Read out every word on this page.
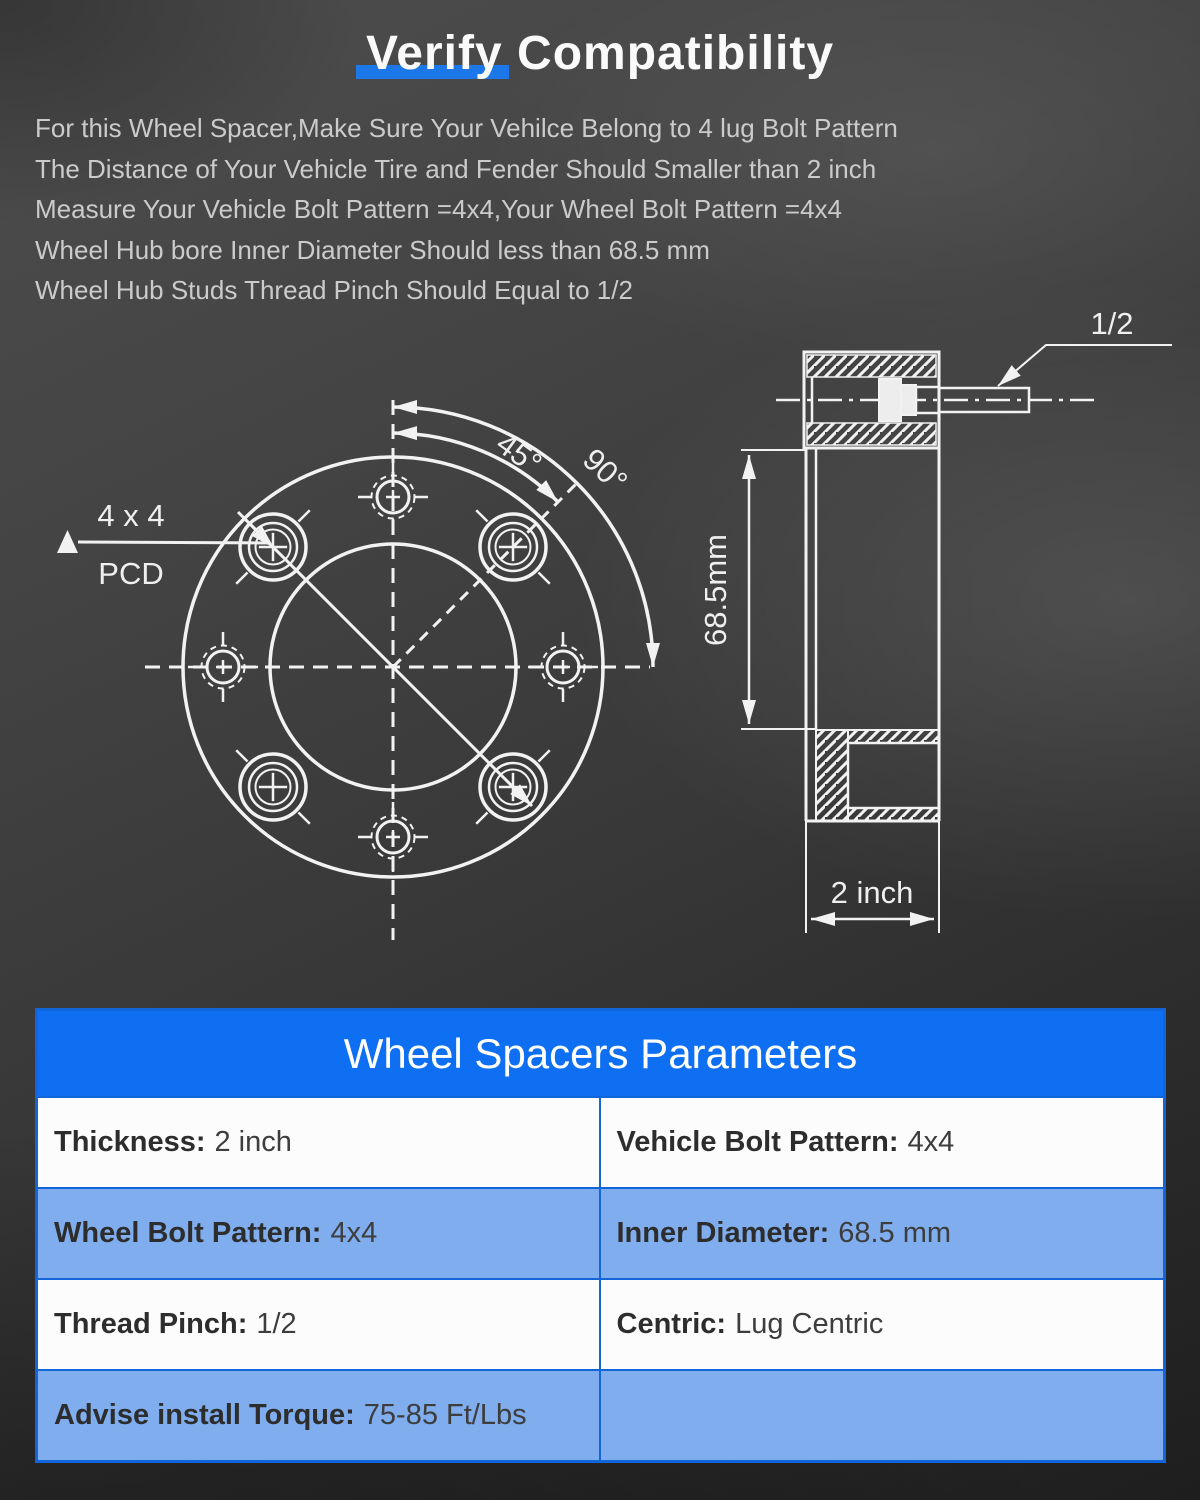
Verify Compatibility
For this Wheel Spacer,Make Sure Your Vehilce Belong to 4 lug Bolt Pattern
The Distance of Your Vehicle Tire and Fender Should Smaller than 2 inch
Measure Your Vehicle Bolt Pattern =4x4,Your Wheel Bolt Pattern =4x4
Wheel Hub bore Inner Diameter Should less than 68.5 mm
Wheel Hub Studs Thread Pinch Should Equal to 1/2
4 x 4
PCD
45° 90°
1/2
68.5mm
2 inch
Wheel Spacers Parameters
Thickness: 2 inch	Vehicle Bolt Pattern: 4x4
Wheel Bolt Pattern: 4x4	Inner Diameter: 68.5 mm
Thread Pinch: 1/2	Centric: Lug Centric
Advise install Torque: 75-85 Ft/Lbs
